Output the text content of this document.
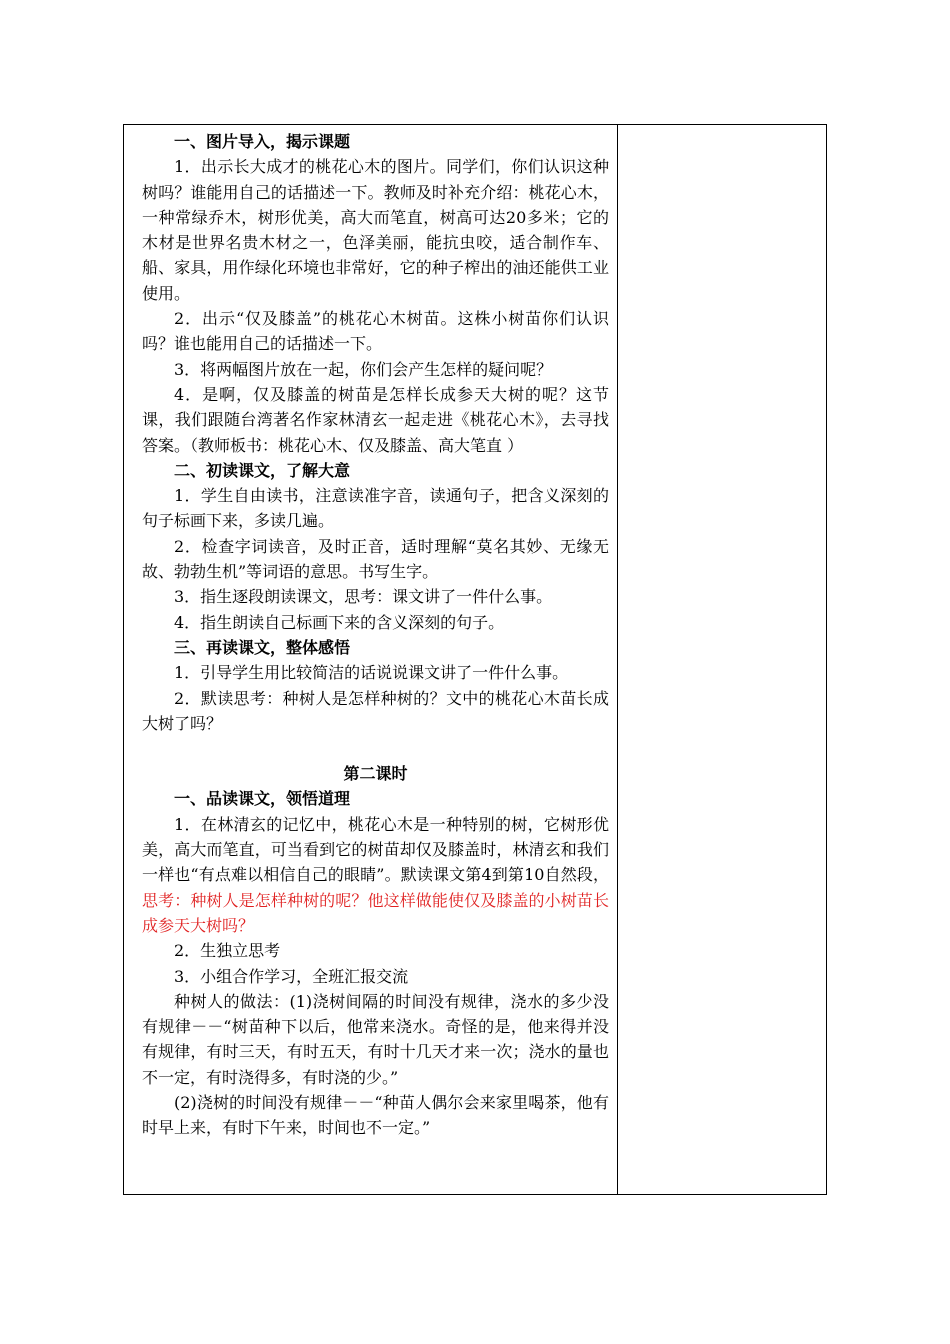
一、图片导入，揭示课题

1．出示长大成才的桃花心木的图片。同学们，你们认识这种树吗？谁能用自己的话描述一下。教师及时补充介绍：桃花心木，一种常绿乔木，树形优美，高大而笔直，树高可达20多米；它的木材是世界名贵木材之一，色泽美丽，能抗虫咬，适合制作车、船、家具，用作绿化环境也非常好，它的种子榨出的油还能供工业使用。

2．出示“仅及膝盖”的桃花心木树苗。这株小树苗你们认识吗？谁也能用自己的话描述一下。

3．将两幅图片放在一起，你们会产生怎样的疑问呢？

4．是啊，仅及膝盖的树苗是怎样长成参天大树的呢？这节课，我们跟随台湾著名作家林清玄一起走进《桃花心木》，去寻找答案。（教师板书：桃花心木、仅及膝盖、高大笔直 ）

二、初读课文，了解大意

1．学生自由读书，注意读准字音，读通句子，把含义深刻的句子标画下来，多读几遍。

2．检查字词读音，及时正音，适时理解“莫名其妙、无缘无故、勃勃生机”等词语的意思。书写生字。

3．指生逐段朗读课文，思考：课文讲了一件什么事。

4．指生朗读自己标画下来的含义深刻的句子。

三、再读课文，整体感悟

1．引导学生用比较简洁的话说说课文讲了一件什么事。

2．默读思考：种树人是怎样种树的？文中的桃花心木苗长成大树了吗？

第二课时

一、品读课文，领悟道理

1．在林清玄的记忆中，桃花心木是一种特别的树，它树形优美，高大而笔直，可当看到它的树苗却仅及膝盖时，林清玄和我们一样也“有点难以相信自己的眼睛”。默读课文第4到第10自然段，思考：种树人是怎样种树的呢？他这样做能使仅及膝盖的小树苗长成参天大树吗？

2．生独立思考

3．小组合作学习，全班汇报交流

种树人的做法：(1)浇树间隔的时间没有规律，浇水的多少没有规律－－“树苗种下以后，他常来浇水。奇怪的是，他来得并没有规律，有时三天，有时五天，有时十几天才来一次；浇水的量也不一定，有时浇得多，有时浇的少。”

(2)浇树的时间没有规律－－“种苗人偶尔会来家里喝茶，他有时早上来，有时下午来，时间也不一定。”
